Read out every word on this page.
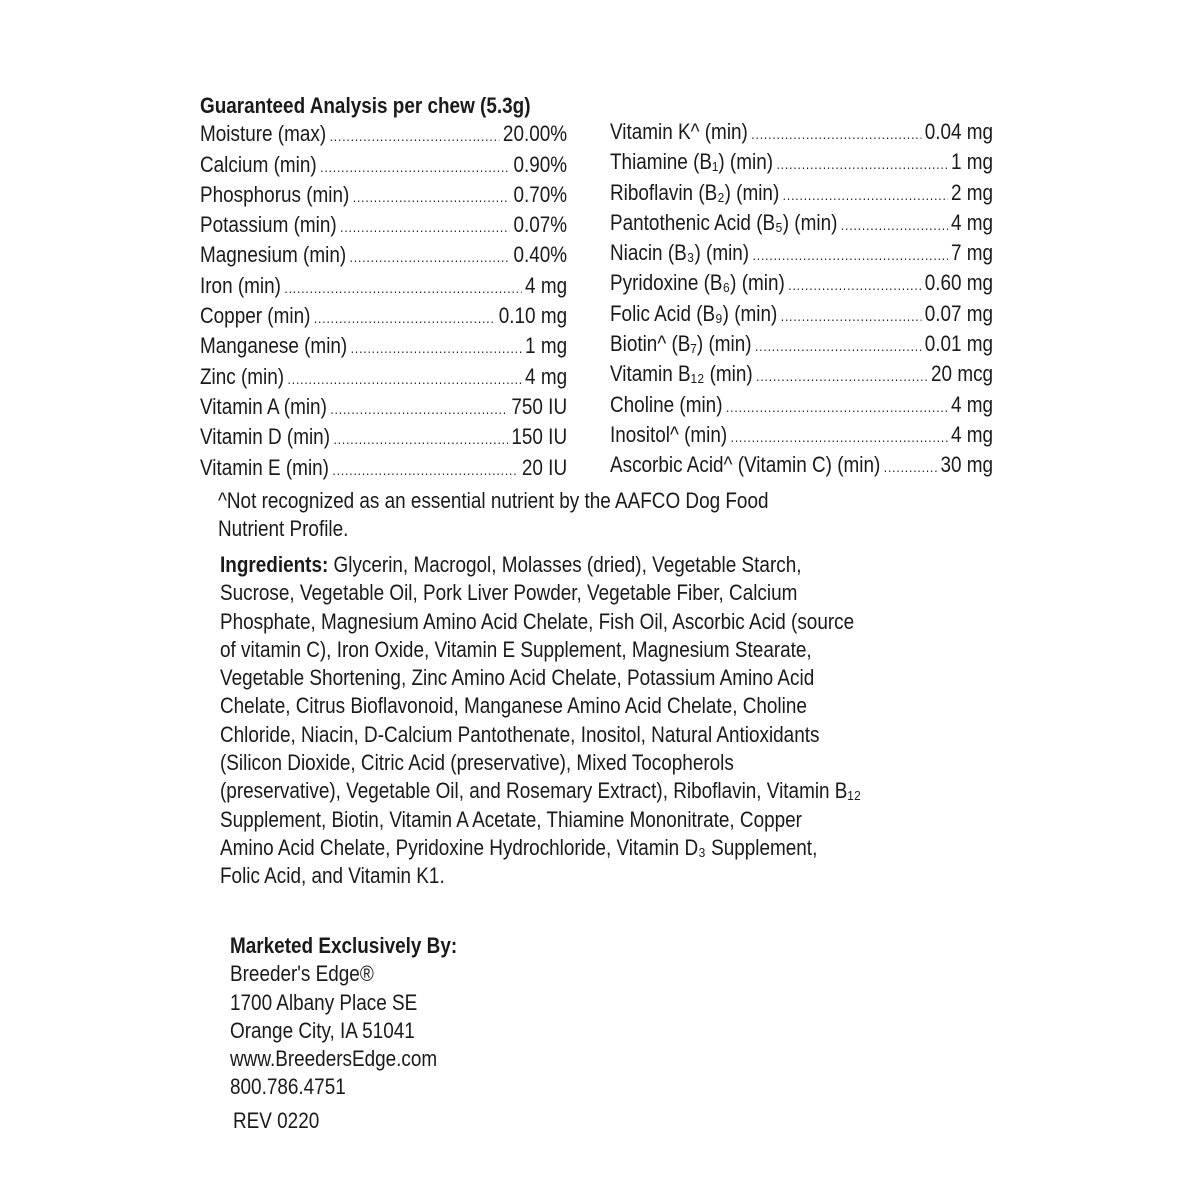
Guaranteed Analysis per chew (5.3g)
Moisture (max) .....	20.00%
Calcium (min) .....	0.90%
Phosphorus (min) .....	0.70%
Potassium (min) .....	0.07%
Magnesium (min) .....	0.40%
Iron (min) .....	4 mg
Copper (min) .....	0.10 mg
Manganese (min) .....	1 mg
Zinc (min) .....	4 mg
Vitamin A (min) .....	750 IU
Vitamin D (min) .....	150 IU
Vitamin E (min) .....	20 IU
Vitamin K^ (min) .....	0.04 mg
Thiamine (B₁) (min) .....	1 mg
Riboflavin (B₂) (min) .....	2 mg
Pantothenic Acid (B₅) (min) .....	4 mg
Niacin (B₃) (min) .....	7 mg
Pyridoxine (B₆) (min) .....	0.60 mg
Folic Acid (B₉) (min) .....	0.07 mg
Biotin^ (B₇) (min) .....	0.01 mg
Vitamin B₁₂ (min) .....	20 mcg
Choline (min) .....	4 mg
Inositol^ (min) .....	4 mg
Ascorbic Acid^ (Vitamin C) (min) .....	30 mg
^Not recognized as an essential nutrient by the AAFCO Dog Food
Nutrient Profile.
Ingredients: Glycerin, Macrogol, Molasses (dried), Vegetable Starch,
Sucrose, Vegetable Oil, Pork Liver Powder, Vegetable Fiber, Calcium
Phosphate, Magnesium Amino Acid Chelate, Fish Oil, Ascorbic Acid (source
of vitamin C), Iron Oxide, Vitamin E Supplement, Magnesium Stearate,
Vegetable Shortening, Zinc Amino Acid Chelate, Potassium Amino Acid
Chelate, Citrus Bioflavonoid, Manganese Amino Acid Chelate, Choline
Chloride, Niacin, D-Calcium Pantothenate, Inositol, Natural Antioxidants
(Silicon Dioxide, Citric Acid (preservative), Mixed Tocopherols
(preservative), Vegetable Oil, and Rosemary Extract), Riboflavin, Vitamin B₁₂
Supplement, Biotin, Vitamin A Acetate, Thiamine Mononitrate, Copper
Amino Acid Chelate, Pyridoxine Hydrochloride, Vitamin D₃ Supplement,
Folic Acid, and Vitamin K1.
Marketed Exclusively By:
Breeder's Edge®
1700 Albany Place SE
Orange City, IA 51041
www.BreedersEdge.com
800.786.4751
REV 0220
